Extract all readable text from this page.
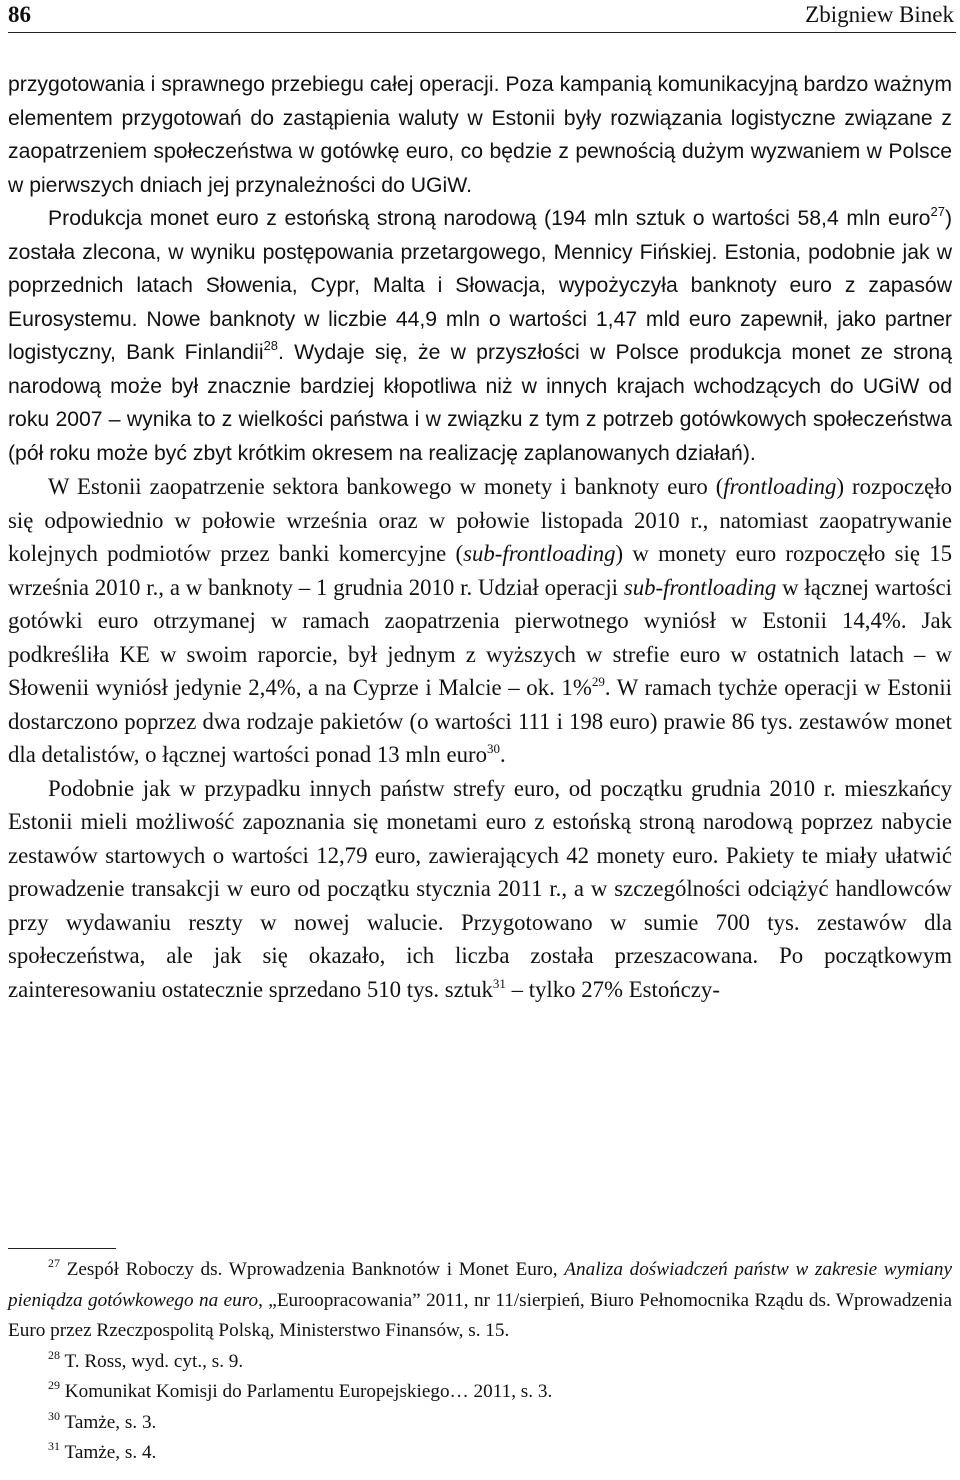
86	Zbigniew Binek

przygotowania i sprawnego przebiegu całej operacji. Poza kampanią komunikacyjną bardzo ważnym elementem przygotowań do zastąpienia waluty w Estonii były rozwiązania logistyczne związane z zaopatrzeniem społeczeństwa w gotówkę euro, co będzie z pewnością dużym wyzwaniem w Polsce w pierwszych dniach jej przynależności do UGiW.

Produkcja monet euro z estońską stroną narodową (194 mln sztuk o wartości 58,4 mln euro$^{27}$) została zlecona, w wyniku postępowania przetargowego, Mennicy Fińskiej. Estonia, podobnie jak w poprzednich latach Słowenia, Cypr, Malta i Słowacja, wypożyczyła banknoty euro z zapasów Eurosystemu. Nowe banknoty w liczbie 44,9 mln o wartości 1,47 mld euro zapewnił, jako partner logistyczny, Bank Finlandii$^{28}$. Wydaje się, że w przyszłości w Polsce produkcja monet ze stroną narodową może był znacznie bardziej kłopotliwa niż w innych krajach wchodzących do UGiW od roku 2007 – wynika to z wielkości państwa i w związku z tym z potrzeb gotówkowych społeczeństwa (pół roku może być zbyt krótkim okresem na realizację zaplanowanych działań).

W Estonii zaopatrzenie sektora bankowego w monety i banknoty euro (frontloading) rozpoczęło się odpowiednio w połowie września oraz w połowie listopada 2010 r., natomiast zaopatrywanie kolejnych podmiotów przez banki komercyjne (sub-frontloading) w monety euro rozpoczęło się 15 września 2010 r., a w banknoty – 1 grudnia 2010 r. Udział operacji sub-frontloading w łącznej wartości gotówki euro otrzymanej w ramach zaopatrzenia pierwotnego wyniósł w Estonii 14,4%. Jak podkreśliła KE w swoim raporcie, był jednym z wyższych w strefie euro w ostatnich latach – w Słowenii wyniósł jedynie 2,4%, a na Cyprze i Malcie – ok. 1%$^{29}$. W ramach tychże operacji w Estonii dostarczono poprzez dwa rodzaje pakietów (o wartości 111 i 198 euro) prawie 86 tys. zestawów monet dla detalistów, o łącznej wartości ponad 13 mln euro$^{30}$.

Podobnie jak w przypadku innych państw strefy euro, od początku grudnia 2010 r. mieszkańcy Estonii mieli możliwość zapoznania się monetami euro z estońską stroną narodową poprzez nabycie zestawów startowych o wartości 12,79 euro, zawierających 42 monety euro. Pakiety te miały ułatwić prowadzenie transakcji w euro od początku stycznia 2011 r., a w szczególności odciążyć handlowców przy wydawaniu reszty w nowej walucie. Przygotowano w sumie 700 tys. zestawów dla społeczeństwa, ale jak się okazało, ich liczba została przeszacowana. Po początkowym zainteresowaniu ostatecznie sprzedano 510 tys. sztuk$^{31}$ – tylko 27% Estończy-

$^{27}$ Zespół Roboczy ds. Wprowadzenia Banknotów i Monet Euro, Analiza doświadczeń państw w zakresie wymiany pieniądza gotówkowego na euro, „Euroopracowania” 2011, nr 11/sierpień, Biuro Pełnomocnika Rządu ds. Wprowadzenia Euro przez Rzeczpospolitą Polską, Ministerstwo Finansów, s. 15.

$^{28}$ T. Ross, wyd. cyt., s. 9.

$^{29}$ Komunikat Komisji do Parlamentu Europejskiego… 2011, s. 3.

$^{30}$ Tamże, s. 3.

$^{31}$ Tamże, s. 4.
